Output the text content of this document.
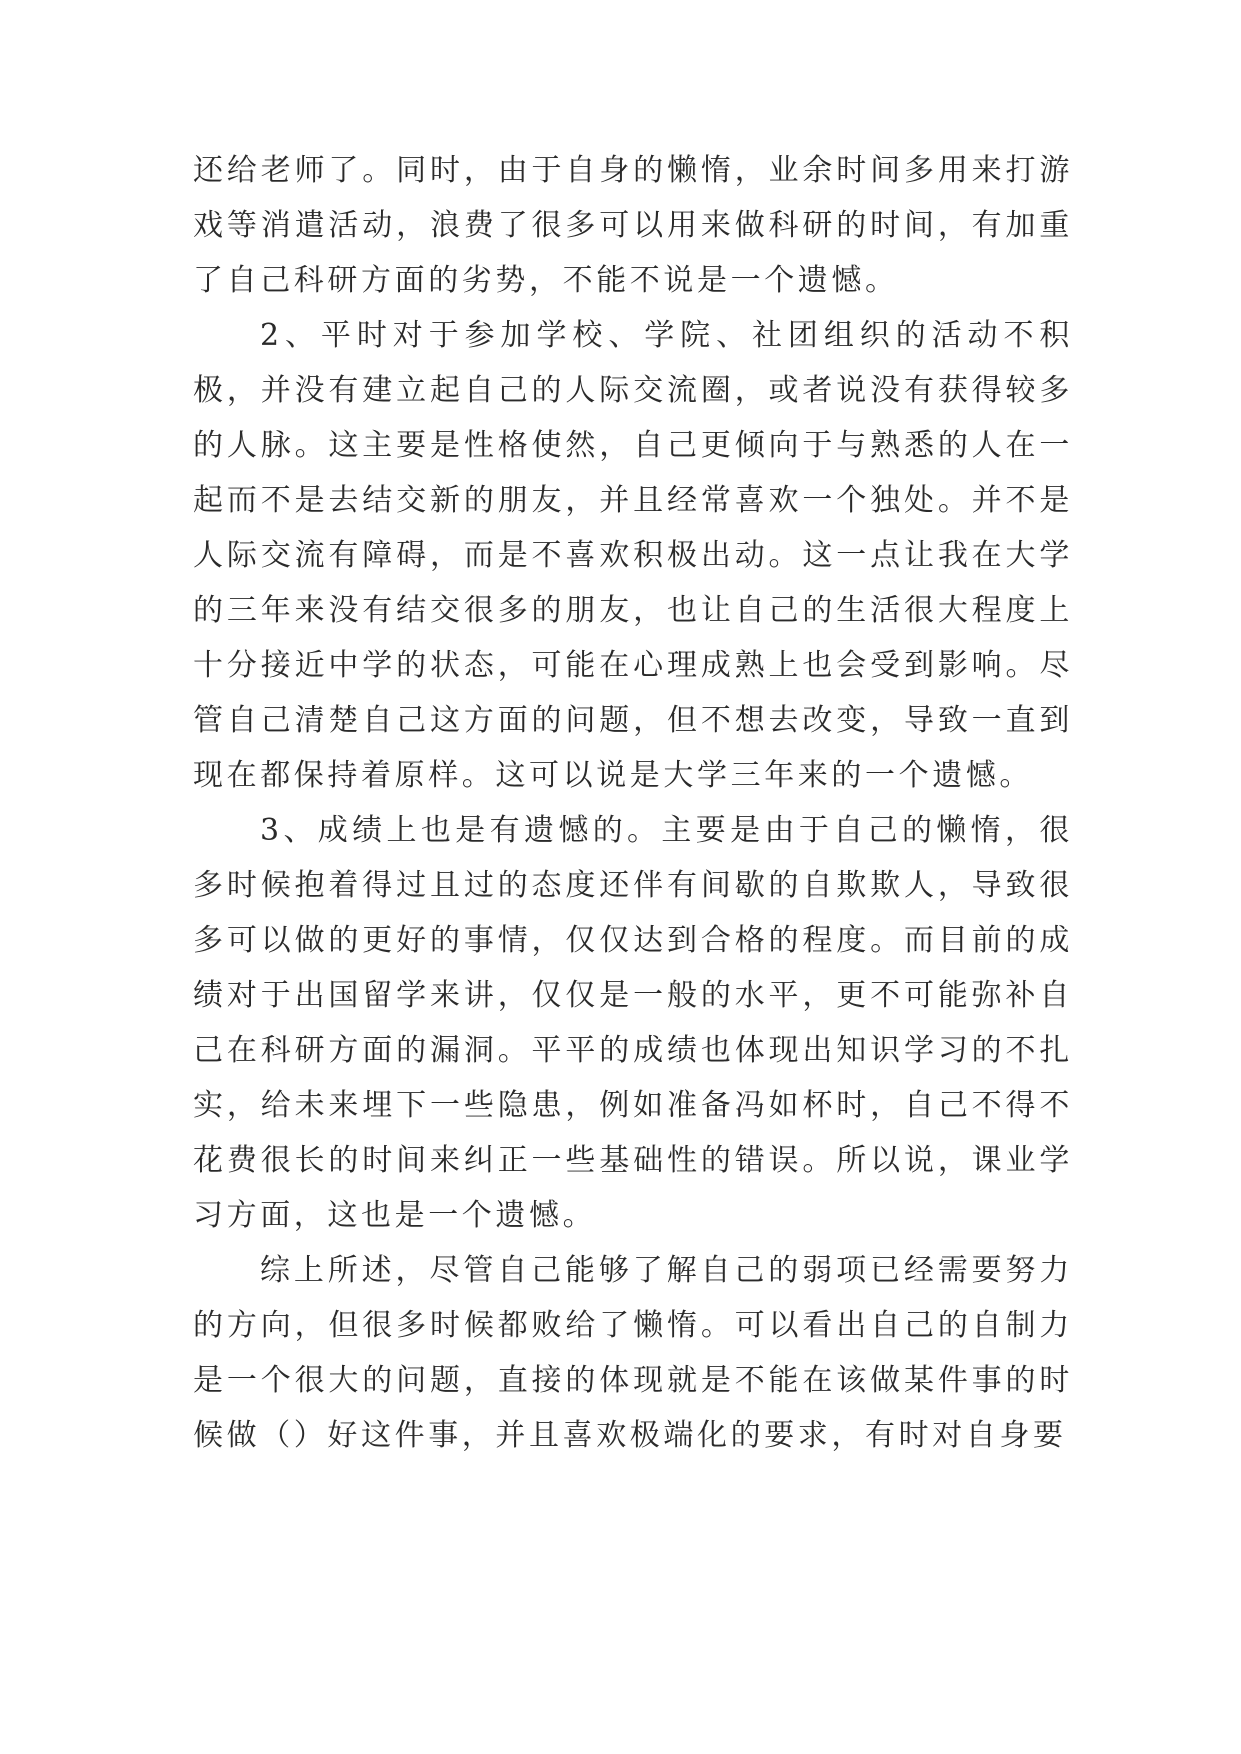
还给老师了。同时，由于自身的懒惰，业余时间多用来打游戏等消遣活动，浪费了很多可以用来做科研的时间，有加重了自己科研方面的劣势，不能不说是一个遗憾。

2、平时对于参加学校、学院、社团组织的活动不积极，并没有建立起自己的人际交流圈，或者说没有获得较多的人脉。这主要是性格使然，自己更倾向于与熟悉的人在一起而不是去结交新的朋友，并且经常喜欢一个独处。并不是人际交流有障碍，而是不喜欢积极出动。这一点让我在大学的三年来没有结交很多的朋友，也让自己的生活很大程度上十分接近中学的状态，可能在心理成熟上也会受到影响。尽管自己清楚自己这方面的问题，但不想去改变，导致一直到现在都保持着原样。这可以说是大学三年来的一个遗憾。

3、成绩上也是有遗憾的。主要是由于自己的懒惰，很多时候抱着得过且过的态度还伴有间歇的自欺欺人，导致很多可以做的更好的事情，仅仅达到合格的程度。而目前的成绩对于出国留学来讲，仅仅是一般的水平，更不可能弥补自己在科研方面的漏洞。平平的成绩也体现出知识学习的不扎实，给未来埋下一些隐患，例如准备冯如杯时，自己不得不花费很长的时间来纠正一些基础性的错误。所以说，课业学习方面，这也是一个遗憾。

综上所述，尽管自己能够了解自己的弱项已经需要努力的方向，但很多时候都败给了懒惰。可以看出自己的自制力是一个很大的问题，直接的体现就是不能在该做某件事的时候做（）好这件事，并且喜欢极端化的要求，有时对自身要
